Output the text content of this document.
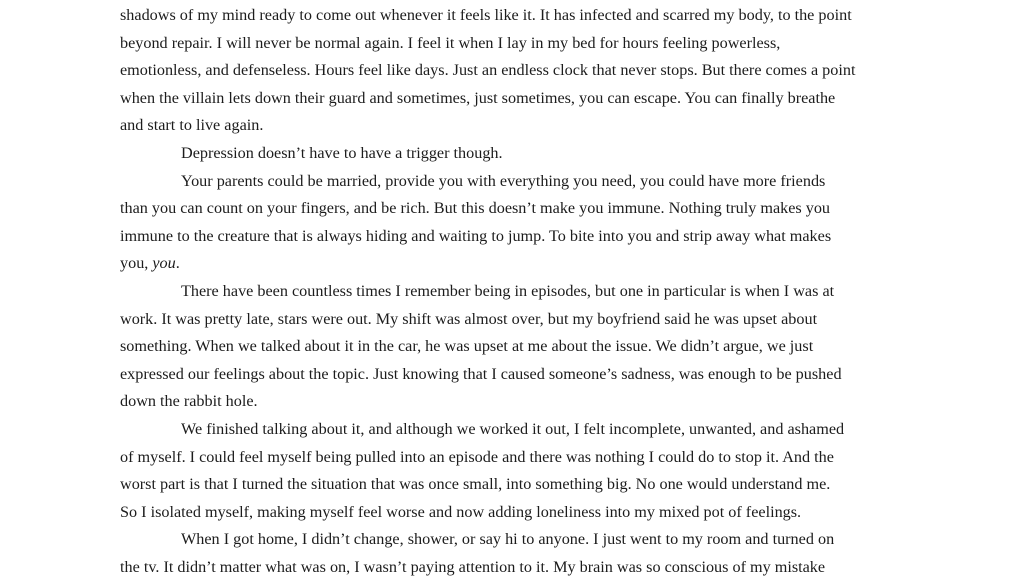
shadows of my mind ready to come out whenever it feels like it. It has infected and scarred my body, to the point
beyond repair. I will never be normal again. I feel it when I lay in my bed for hours feeling powerless,
emotionless, and defenseless. Hours feel like days. Just an endless clock that never stops. But there comes a point
when the villain lets down their guard and sometimes, just sometimes, you can escape. You can finally breathe
and start to live again.
Depression doesn’t have to have a trigger though.
Your parents could be married, provide you with everything you need, you could have more friends
than you can count on your fingers, and be rich. But this doesn’t make you immune. Nothing truly makes you
immune to the creature that is always hiding and waiting to jump. To bite into you and strip away what makes
you, you.
There have been countless times I remember being in episodes, but one in particular is when I was at
work. It was pretty late, stars were out. My shift was almost over, but my boyfriend said he was upset about
something. When we talked about it in the car, he was upset at me about the issue. We didn’t argue, we just
expressed our feelings about the topic. Just knowing that I caused someone’s sadness, was enough to be pushed
down the rabbit hole.
We finished talking about it, and although we worked it out, I felt incomplete, unwanted, and ashamed
of myself. I could feel myself being pulled into an episode and there was nothing I could do to stop it. And the
worst part is that I turned the situation that was once small, into something big. No one would understand me.
So I isolated myself, making myself feel worse and now adding loneliness into my mixed pot of feelings.
When I got home, I didn’t change, shower, or say hi to anyone. I just went to my room and turned on
the tv. It didn’t matter what was on, I wasn’t paying attention to it. My brain was so conscious of my mistake
